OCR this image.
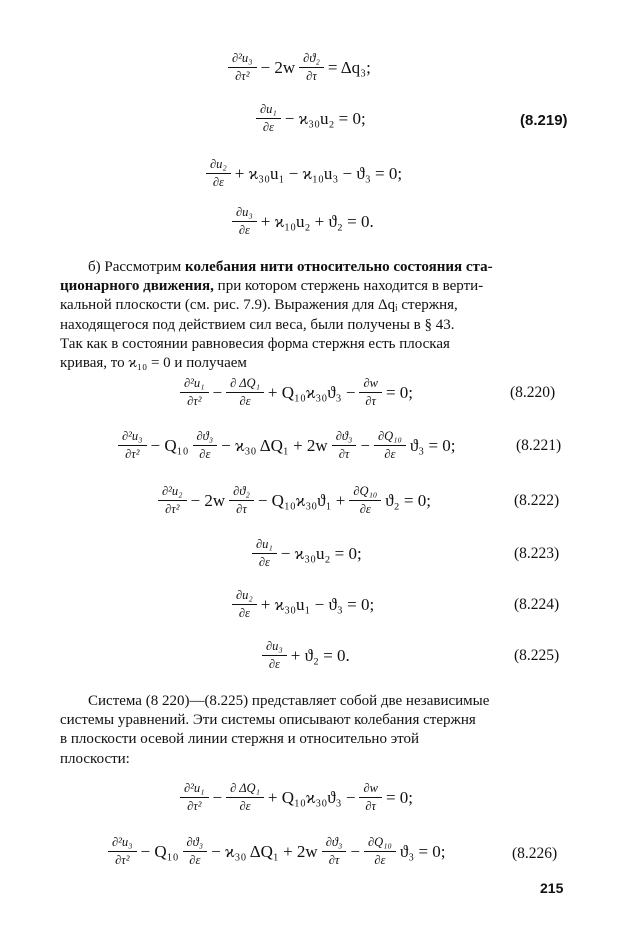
$\frac{\text{∂²u₃}}{\text{∂τ²}} - 2w \frac{\text{∂ϑ₂}}{\partial\tau} = \Delta q_3$;
$\frac{\text{∂u₁}}{\partial\varepsilon} - ϰ_{30}u_2 = 0$;	(8.219)
$\frac{\text{∂u₂}}{\partial\varepsilon} + ϰ_{30}u_1 - ϰ_{10}u_3 - ϑ_3 = 0$;
$\frac{\text{∂u₃}}{\partial\varepsilon} + ϰ_{10}u_2 + ϑ_2 = 0$.
б) Рассмотрим колебания нити относительно состояния ста-
ционарного движения, при котором стержень находится в верти-
кальной плоскости (см. рис. 7.9). Выражения для Δqᵢ стержня,
находящегося под действием сил веса, были получены в § 43.
Так как в состоянии равновесия форма стержня есть плоская
кривая, то ϰ₁₀ = 0 и получаем
$\frac{\text{∂²u₁}}{\text{∂τ²}} - \frac{\text{∂ ΔQ₁}}{\partial\varepsilon} + Q_{10}ϰ_{30}ϑ_3 - \frac{\partial w}{\partial\tau} = 0$;	(8.220)
$\frac{\text{∂²u₃}}{\text{∂τ²}} - Q_{10} \frac{\text{∂ϑ₃}}{\partial\varepsilon} - ϰ_{30}$ $\Delta Q_1 + 2w \frac{\text{∂ϑ₃}}{\partial\tau} - \frac{\text{∂Q₁₀}}{\partial\varepsilon} ϑ_3 = 0$;	(8.221)
$\frac{\text{∂²u₂}}{\text{∂τ²}} - 2w \frac{\text{∂ϑ₂}}{\partial\tau} - Q_{10}ϰ_{30}ϑ_1 + \frac{\text{∂Q₁₀}}{\partial\varepsilon} ϑ_2 = 0$;	(8.222)
$\frac{\text{∂u₁}}{\partial\varepsilon} - ϰ_{30}u_2 = 0$;	(8.223)
$\frac{\text{∂u₂}}{\partial\varepsilon} + ϰ_{30}u_1 - ϑ_3 = 0$;	(8.224)
$\frac{\text{∂u₃}}{\partial\varepsilon} + ϑ_2 = 0$.	(8.225)
Система (8 220)—(8.225) представляет собой две независимые
системы уравнений. Эти системы описывают колебания стержня
в плоскости осевой линии стержня и относительно этой
плоскости:
$\frac{\text{∂²u₁}}{\text{∂τ²}} - \frac{\text{∂ ΔQ₁}}{\partial\varepsilon} + Q_{10}ϰ_{30}ϑ_3 - \frac{\partial w}{\partial\tau} = 0$;
$\frac{\text{∂²u₃}}{\text{∂τ²}} - Q_{10} \frac{\text{∂ϑ₃}}{\partial\varepsilon} - ϰ_{30}$ $\Delta Q_1 + 2w \frac{\text{∂ϑ₃}}{\partial\tau} - \frac{\text{∂Q₁₀}}{\partial\varepsilon} ϑ_3 = 0$;	(8.226)
215
